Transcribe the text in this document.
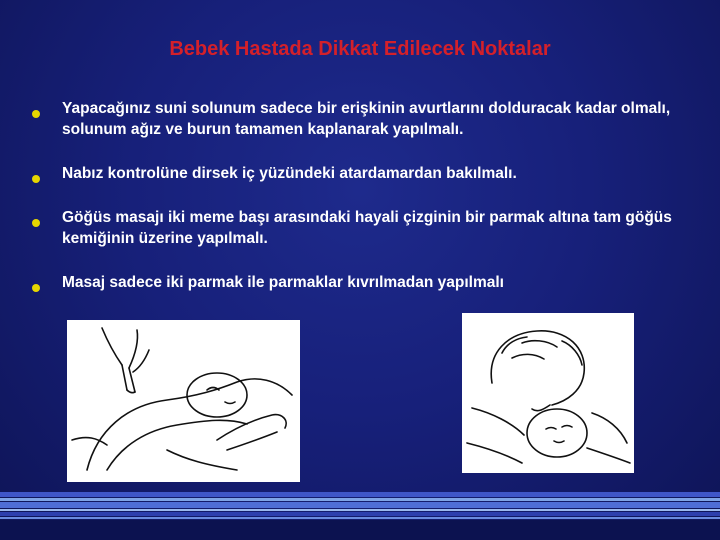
Bebek Hastada Dikkat Edilecek Noktalar
Yapacağınız suni solunum sadece bir erişkinin avurtlarını dolduracak kadar olmalı, solunum ağız ve burun tamamen kaplanarak yapılmalı.
Nabız kontrolüne dirsek iç yüzündeki atardamardan bakılmalı.
Göğüs masajı iki meme başı arasındaki hayali çizginin bir parmak altına tam göğüs kemiğinin üzerine yapılmalı.
Masaj sadece iki parmak ile parmaklar kıvrılmadan yapılmalı
